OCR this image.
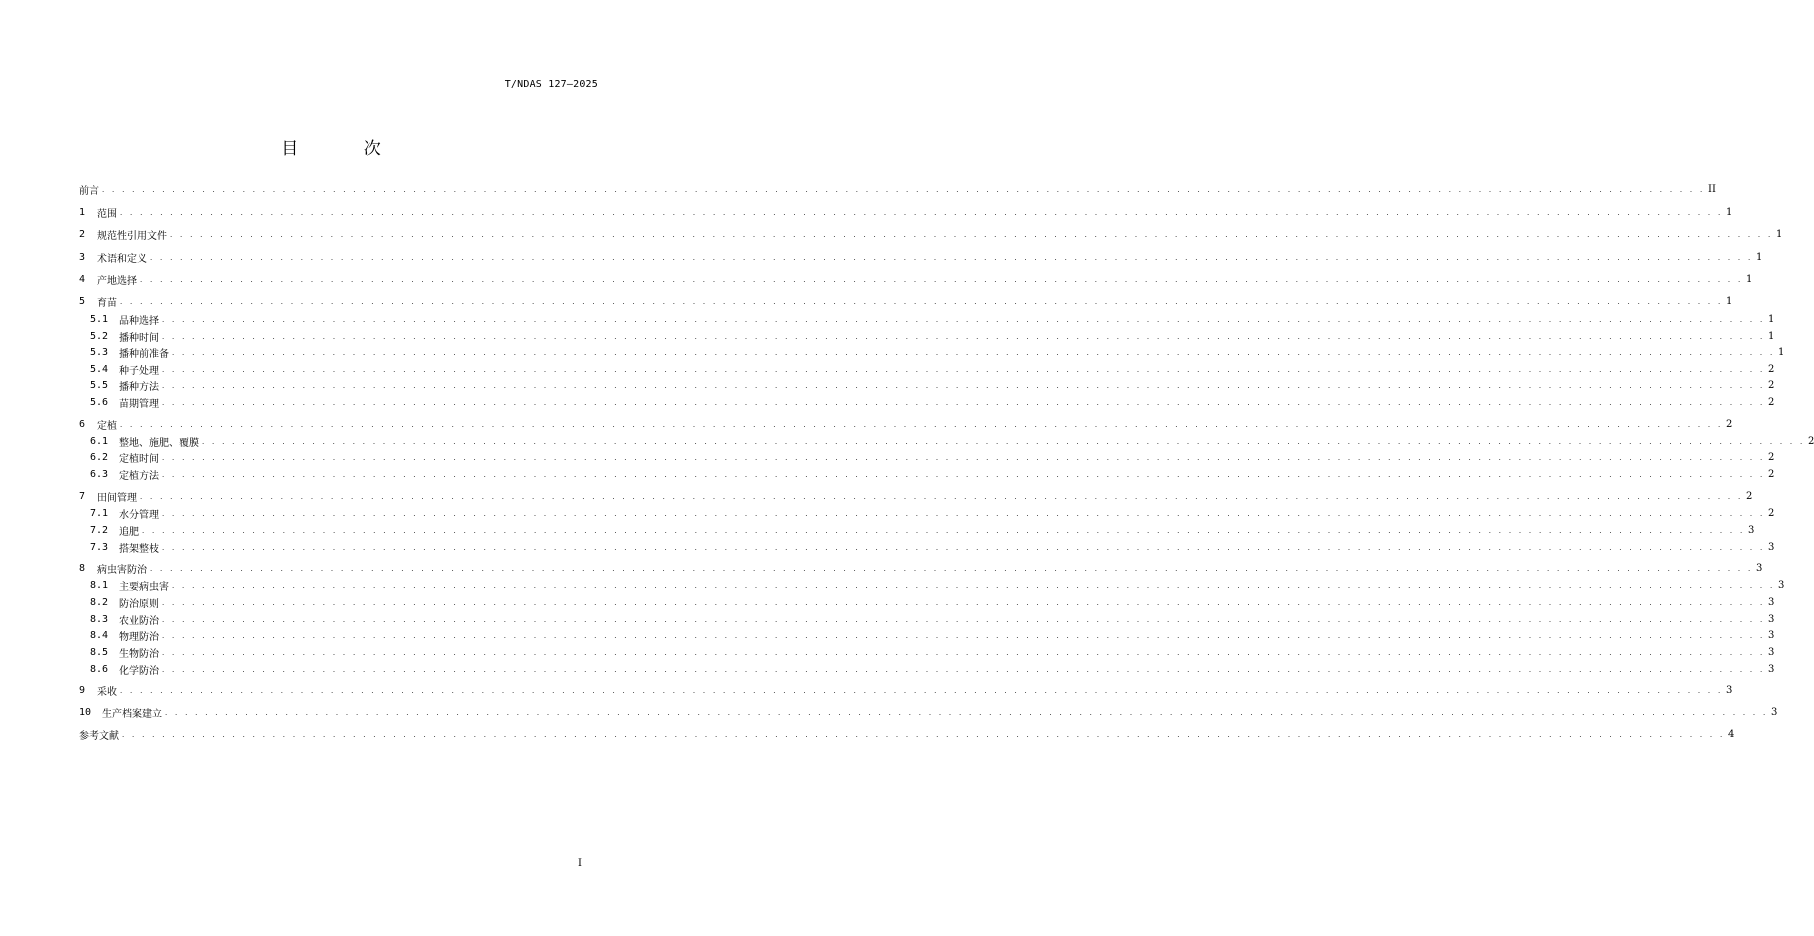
T/NDAS 127—2025
目 次
前言 . . . . . . . . . . . . . . . . . . . . . . . . . . . . . . . . . . . . . . . . . . . . . . . . . . . . . . . . . . . . . . . . . . . . . . . . . . . . . . . . . . . . . . . . . . . . . . . . . . . . . . . . . . . . . . . . . . . . . . . . . . . . . . . . . . . . . . . . . . . . . . . . . . . . . . . . . . . . . . . . II
1	范围 . . . . . . . . . . . . . . . . . . . . . . . . . . . . . . . . . . . . . . . . . . . . . . . . . . . . . . . . . . . . . . . . . . . . . . . . . . . . . . . . . . . . . . . . . . . . . . . . . . . . . . . . . . . . . . . . . . . . . . . . . . . . . . . . . . . . . . . . . . . . . . . . . . . . . . . . . . . . . . . . 1
2	规范性引用文件 . . . . . . . . . . . . . . . . . . . . . . . . . . . . . . . . . . . . . . . . . . . . . . . . . . . . . . . . . . . . . . . . . . . . . . . . . . . . . . . . . . . . . . . . . . . . . . . . . . . . . . . . . . . . . . . . . . . . . . . . . . . . . . . . . . . . . . . . . . . . . . . . . . . . . . . . . . . . . . . . 1
3	术语和定义 . . . . . . . . . . . . . . . . . . . . . . . . . . . . . . . . . . . . . . . . . . . . . . . . . . . . . . . . . . . . . . . . . . . . . . . . . . . . . . . . . . . . . . . . . . . . . . . . . . . . . . . . . . . . . . . . . . . . . . . . . . . . . . . . . . . . . . . . . . . . . . . . . . . . . . . . . . . . . . . . 1
4	产地选择 . . . . . . . . . . . . . . . . . . . . . . . . . . . . . . . . . . . . . . . . . . . . . . . . . . . . . . . . . . . . . . . . . . . . . . . . . . . . . . . . . . . . . . . . . . . . . . . . . . . . . . . . . . . . . . . . . . . . . . . . . . . . . . . . . . . . . . . . . . . . . . . . . . . . . . . . . . . . . . . . 1
5	育苗 . . . . . . . . . . . . . . . . . . . . . . . . . . . . . . . . . . . . . . . . . . . . . . . . . . . . . . . . . . . . . . . . . . . . . . . . . . . . . . . . . . . . . . . . . . . . . . . . . . . . . . . . . . . . . . . . . . . . . . . . . . . . . . . . . . . . . . . . . . . . . . . . . . . . . . . . . . . . . . . . 1
5.1	品种选择 . . . . . . . . . . . . . . . . . . . . . . . . . . . . . . . . . . . . . . . . . . . . . . . . . . . . . . . . . . . . . . . . . . . . . . . . . . . . . . . . . . . . . . . . . . . . . . . . . . . . . . . . . . . . . . . . . . . . . . . . . . . . . . . . . . . . . . . . . . . . . . . . . . . . . . . . . . . . . . . . 1
5.2	播种时间 . . . . . . . . . . . . . . . . . . . . . . . . . . . . . . . . . . . . . . . . . . . . . . . . . . . . . . . . . . . . . . . . . . . . . . . . . . . . . . . . . . . . . . . . . . . . . . . . . . . . . . . . . . . . . . . . . . . . . . . . . . . . . . . . . . . . . . . . . . . . . . . . . . . . . . . . . . . . . . . . 1
5.3	播种前准备 . . . . . . . . . . . . . . . . . . . . . . . . . . . . . . . . . . . . . . . . . . . . . . . . . . . . . . . . . . . . . . . . . . . . . . . . . . . . . . . . . . . . . . . . . . . . . . . . . . . . . . . . . . . . . . . . . . . . . . . . . . . . . . . . . . . . . . . . . . . . . . . . . . . . . . . . . . . . . . . . 1
5.4	种子处理 . . . . . . . . . . . . . . . . . . . . . . . . . . . . . . . . . . . . . . . . . . . . . . . . . . . . . . . . . . . . . . . . . . . . . . . . . . . . . . . . . . . . . . . . . . . . . . . . . . . . . . . . . . . . . . . . . . . . . . . . . . . . . . . . . . . . . . . . . . . . . . . . . . . . . . . . . . . . . . . . 2
5.5	播种方法 . . . . . . . . . . . . . . . . . . . . . . . . . . . . . . . . . . . . . . . . . . . . . . . . . . . . . . . . . . . . . . . . . . . . . . . . . . . . . . . . . . . . . . . . . . . . . . . . . . . . . . . . . . . . . . . . . . . . . . . . . . . . . . . . . . . . . . . . . . . . . . . . . . . . . . . . . . . . . . . . 2
5.6	苗期管理 . . . . . . . . . . . . . . . . . . . . . . . . . . . . . . . . . . . . . . . . . . . . . . . . . . . . . . . . . . . . . . . . . . . . . . . . . . . . . . . . . . . . . . . . . . . . . . . . . . . . . . . . . . . . . . . . . . . . . . . . . . . . . . . . . . . . . . . . . . . . . . . . . . . . . . . . . . . . . . . . 2
6	定植 . . . . . . . . . . . . . . . . . . . . . . . . . . . . . . . . . . . . . . . . . . . . . . . . . . . . . . . . . . . . . . . . . . . . . . . . . . . . . . . . . . . . . . . . . . . . . . . . . . . . . . . . . . . . . . . . . . . . . . . . . . . . . . . . . . . . . . . . . . . . . . . . . . . . . . . . . . . . . . . . 2
6.1	整地、施肥、覆膜 . . . . . . . . . . . . . . . . . . . . . . . . . . . . . . . . . . . . . . . . . . . . . . . . . . . . . . . . . . . . . . . . . . . . . . . . . . . . . . . . . . . . . . . . . . . . . . . . . . . . . . . . . . . . . . . . . . . . . . . . . . . . . . . . . . . . . . . . . . . . . . . . . . . . . . . . . . . . . . . . 2
6.2	定植时间 . . . . . . . . . . . . . . . . . . . . . . . . . . . . . . . . . . . . . . . . . . . . . . . . . . . . . . . . . . . . . . . . . . . . . . . . . . . . . . . . . . . . . . . . . . . . . . . . . . . . . . . . . . . . . . . . . . . . . . . . . . . . . . . . . . . . . . . . . . . . . . . . . . . . . . . . . . . . . . . . 2
6.3	定植方法 . . . . . . . . . . . . . . . . . . . . . . . . . . . . . . . . . . . . . . . . . . . . . . . . . . . . . . . . . . . . . . . . . . . . . . . . . . . . . . . . . . . . . . . . . . . . . . . . . . . . . . . . . . . . . . . . . . . . . . . . . . . . . . . . . . . . . . . . . . . . . . . . . . . . . . . . . . . . . . . . 2
7	田间管理 . . . . . . . . . . . . . . . . . . . . . . . . . . . . . . . . . . . . . . . . . . . . . . . . . . . . . . . . . . . . . . . . . . . . . . . . . . . . . . . . . . . . . . . . . . . . . . . . . . . . . . . . . . . . . . . . . . . . . . . . . . . . . . . . . . . . . . . . . . . . . . . . . . . . . . . . . . . . . . . . 2
7.1	水分管理 . . . . . . . . . . . . . . . . . . . . . . . . . . . . . . . . . . . . . . . . . . . . . . . . . . . . . . . . . . . . . . . . . . . . . . . . . . . . . . . . . . . . . . . . . . . . . . . . . . . . . . . . . . . . . . . . . . . . . . . . . . . . . . . . . . . . . . . . . . . . . . . . . . . . . . . . . . . . . . . . 2
7.2	追肥 . . . . . . . . . . . . . . . . . . . . . . . . . . . . . . . . . . . . . . . . . . . . . . . . . . . . . . . . . . . . . . . . . . . . . . . . . . . . . . . . . . . . . . . . . . . . . . . . . . . . . . . . . . . . . . . . . . . . . . . . . . . . . . . . . . . . . . . . . . . . . . . . . . . . . . . . . . . . . . . . 3
7.3	搭架整枝 . . . . . . . . . . . . . . . . . . . . . . . . . . . . . . . . . . . . . . . . . . . . . . . . . . . . . . . . . . . . . . . . . . . . . . . . . . . . . . . . . . . . . . . . . . . . . . . . . . . . . . . . . . . . . . . . . . . . . . . . . . . . . . . . . . . . . . . . . . . . . . . . . . . . . . . . . . . . . . . . 3
8	病虫害防治 . . . . . . . . . . . . . . . . . . . . . . . . . . . . . . . . . . . . . . . . . . . . . . . . . . . . . . . . . . . . . . . . . . . . . . . . . . . . . . . . . . . . . . . . . . . . . . . . . . . . . . . . . . . . . . . . . . . . . . . . . . . . . . . . . . . . . . . . . . . . . . . . . . . . . . . . . . . . . . . . 3
8.1	主要病虫害 . . . . . . . . . . . . . . . . . . . . . . . . . . . . . . . . . . . . . . . . . . . . . . . . . . . . . . . . . . . . . . . . . . . . . . . . . . . . . . . . . . . . . . . . . . . . . . . . . . . . . . . . . . . . . . . . . . . . . . . . . . . . . . . . . . . . . . . . . . . . . . . . . . . . . . . . . . . . . . . . 3
8.2	防治原则 . . . . . . . . . . . . . . . . . . . . . . . . . . . . . . . . . . . . . . . . . . . . . . . . . . . . . . . . . . . . . . . . . . . . . . . . . . . . . . . . . . . . . . . . . . . . . . . . . . . . . . . . . . . . . . . . . . . . . . . . . . . . . . . . . . . . . . . . . . . . . . . . . . . . . . . . . . . . . . . . 3
8.3	农业防治 . . . . . . . . . . . . . . . . . . . . . . . . . . . . . . . . . . . . . . . . . . . . . . . . . . . . . . . . . . . . . . . . . . . . . . . . . . . . . . . . . . . . . . . . . . . . . . . . . . . . . . . . . . . . . . . . . . . . . . . . . . . . . . . . . . . . . . . . . . . . . . . . . . . . . . . . . . . . . . . . 3
8.4	物理防治 . . . . . . . . . . . . . . . . . . . . . . . . . . . . . . . . . . . . . . . . . . . . . . . . . . . . . . . . . . . . . . . . . . . . . . . . . . . . . . . . . . . . . . . . . . . . . . . . . . . . . . . . . . . . . . . . . . . . . . . . . . . . . . . . . . . . . . . . . . . . . . . . . . . . . . . . . . . . . . . . 3
8.5	生物防治 . . . . . . . . . . . . . . . . . . . . . . . . . . . . . . . . . . . . . . . . . . . . . . . . . . . . . . . . . . . . . . . . . . . . . . . . . . . . . . . . . . . . . . . . . . . . . . . . . . . . . . . . . . . . . . . . . . . . . . . . . . . . . . . . . . . . . . . . . . . . . . . . . . . . . . . . . . . . . . . . 3
8.6	化学防治 . . . . . . . . . . . . . . . . . . . . . . . . . . . . . . . . . . . . . . . . . . . . . . . . . . . . . . . . . . . . . . . . . . . . . . . . . . . . . . . . . . . . . . . . . . . . . . . . . . . . . . . . . . . . . . . . . . . . . . . . . . . . . . . . . . . . . . . . . . . . . . . . . . . . . . . . . . . . . . . . 3
9	采收 . . . . . . . . . . . . . . . . . . . . . . . . . . . . . . . . . . . . . . . . . . . . . . . . . . . . . . . . . . . . . . . . . . . . . . . . . . . . . . . . . . . . . . . . . . . . . . . . . . . . . . . . . . . . . . . . . . . . . . . . . . . . . . . . . . . . . . . . . . . . . . . . . . . . . . . . . . . . . . . . 3
10	生产档案建立 . . . . . . . . . . . . . . . . . . . . . . . . . . . . . . . . . . . . . . . . . . . . . . . . . . . . . . . . . . . . . . . . . . . . . . . . . . . . . . . . . . . . . . . . . . . . . . . . . . . . . . . . . . . . . . . . . . . . . . . . . . . . . . . . . . . . . . . . . . . . . . . . . . . . . . . . . . . . . . . . 3
参考文献 . . . . . . . . . . . . . . . . . . . . . . . . . . . . . . . . . . . . . . . . . . . . . . . . . . . . . . . . . . . . . . . . . . . . . . . . . . . . . . . . . . . . . . . . . . . . . . . . . . . . . . . . . . . . . . . . . . . . . . . . . . . . . . . . . . . . . . . . . . . . . . . . . . . . . . . . . . . . . . . . 4
I
